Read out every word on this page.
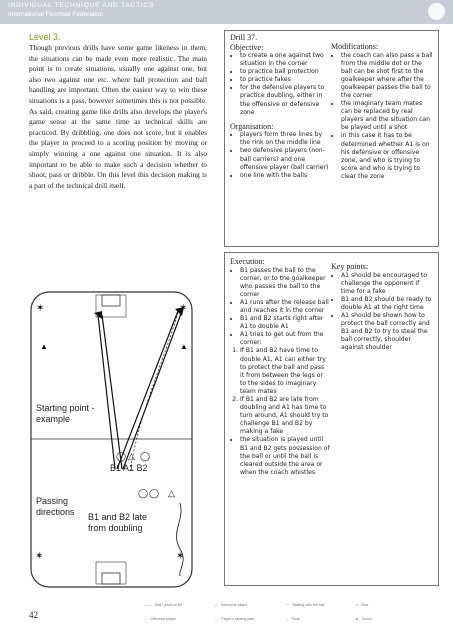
INDIVIDUAL TECHNIQUE AND TACTICS
International Floorball Federation
Level 3.
Though previous drills have some game likeness in them, the situations can be made even more realistic. The main point is to create situations, usually one against one, but also two against one etc. where ball protection and ball handling are important. Often the easiest way to win these situations is a pass, however sometimes this is not possible. As said, creating game like drills also develops the player's game sense at the same time as technical skills are practiced. By dribbling, one does not score, but it enables the player to proceed to a scoring position by moving or simply winning a one against one situation. It is also important to be able to make such a decision whether to shoot, pass or dribble. On this level this decision making is a part of the technical drill itself.
Drill 37.
Objective:
• to create a one against two situation in the corner
• to practice ball protection
• to practice fakes
• for the defensive players to practice doubling, either in the offensive or defensive zone
Organisation:
• players form three lines by the rink on the middle line
• two defensive players (non-ball carriers) and one offensive player (ball carrier)
• one line with the balls
Modifications:
• the coach can also pass a ball from the middle dot or the ball can be shot first to the goalkeeper where after the goalkeeper passes the ball to the corner
• the imaginary team mates can be replaced by real players and the situation can be played until a shot
• in this case it has to be determined whether A1 is on his defensive or offensive zone, and who is trying to score and who is trying to clear the zone
Execution:
• B1 passes the ball to the corner, or to the goalkeeper who passes the ball to the corner
• A1 runs after the release ball and reaches it in the corner
• B1 and B2 starts right after A1 to double A1
• A1 tries to get out from the corner:
1. If B1 and B2 have time to double A1, A1 can either try to protect the ball and pass it from between the legs or to the sides to imaginary team mates
2. If B1 and B2 are late from doubling and A1 has time to turn around, A1 should try to challenge B1 and B2 by making a fake
• the situation is played until B1 and B2 gets possession of the ball or until the ball is cleared outside the area or when the coach whistles
Key points:
• A1 should be encouraged to challenge the opponent if time for a fake
• B1 and B2 should be ready to double A1 at the right time
• A1 should be shown how to protect the ball correctly and B1 and B2 to try to steal the ball correctly, shoulder against shoulder
✶	✶
▲	▲
◯ △ ◯
◯ ◯ △
✶
✶
Starting point -example
B1 A1 B2
Passing directions	B1 and B2 late from doubling
42
—— Ball / puck on ice
○ Offensive player
△ Defensive player
- - Player's skating path
~~ Skating with the ball
→ Pass
⇒ Shot
▲ Cones
